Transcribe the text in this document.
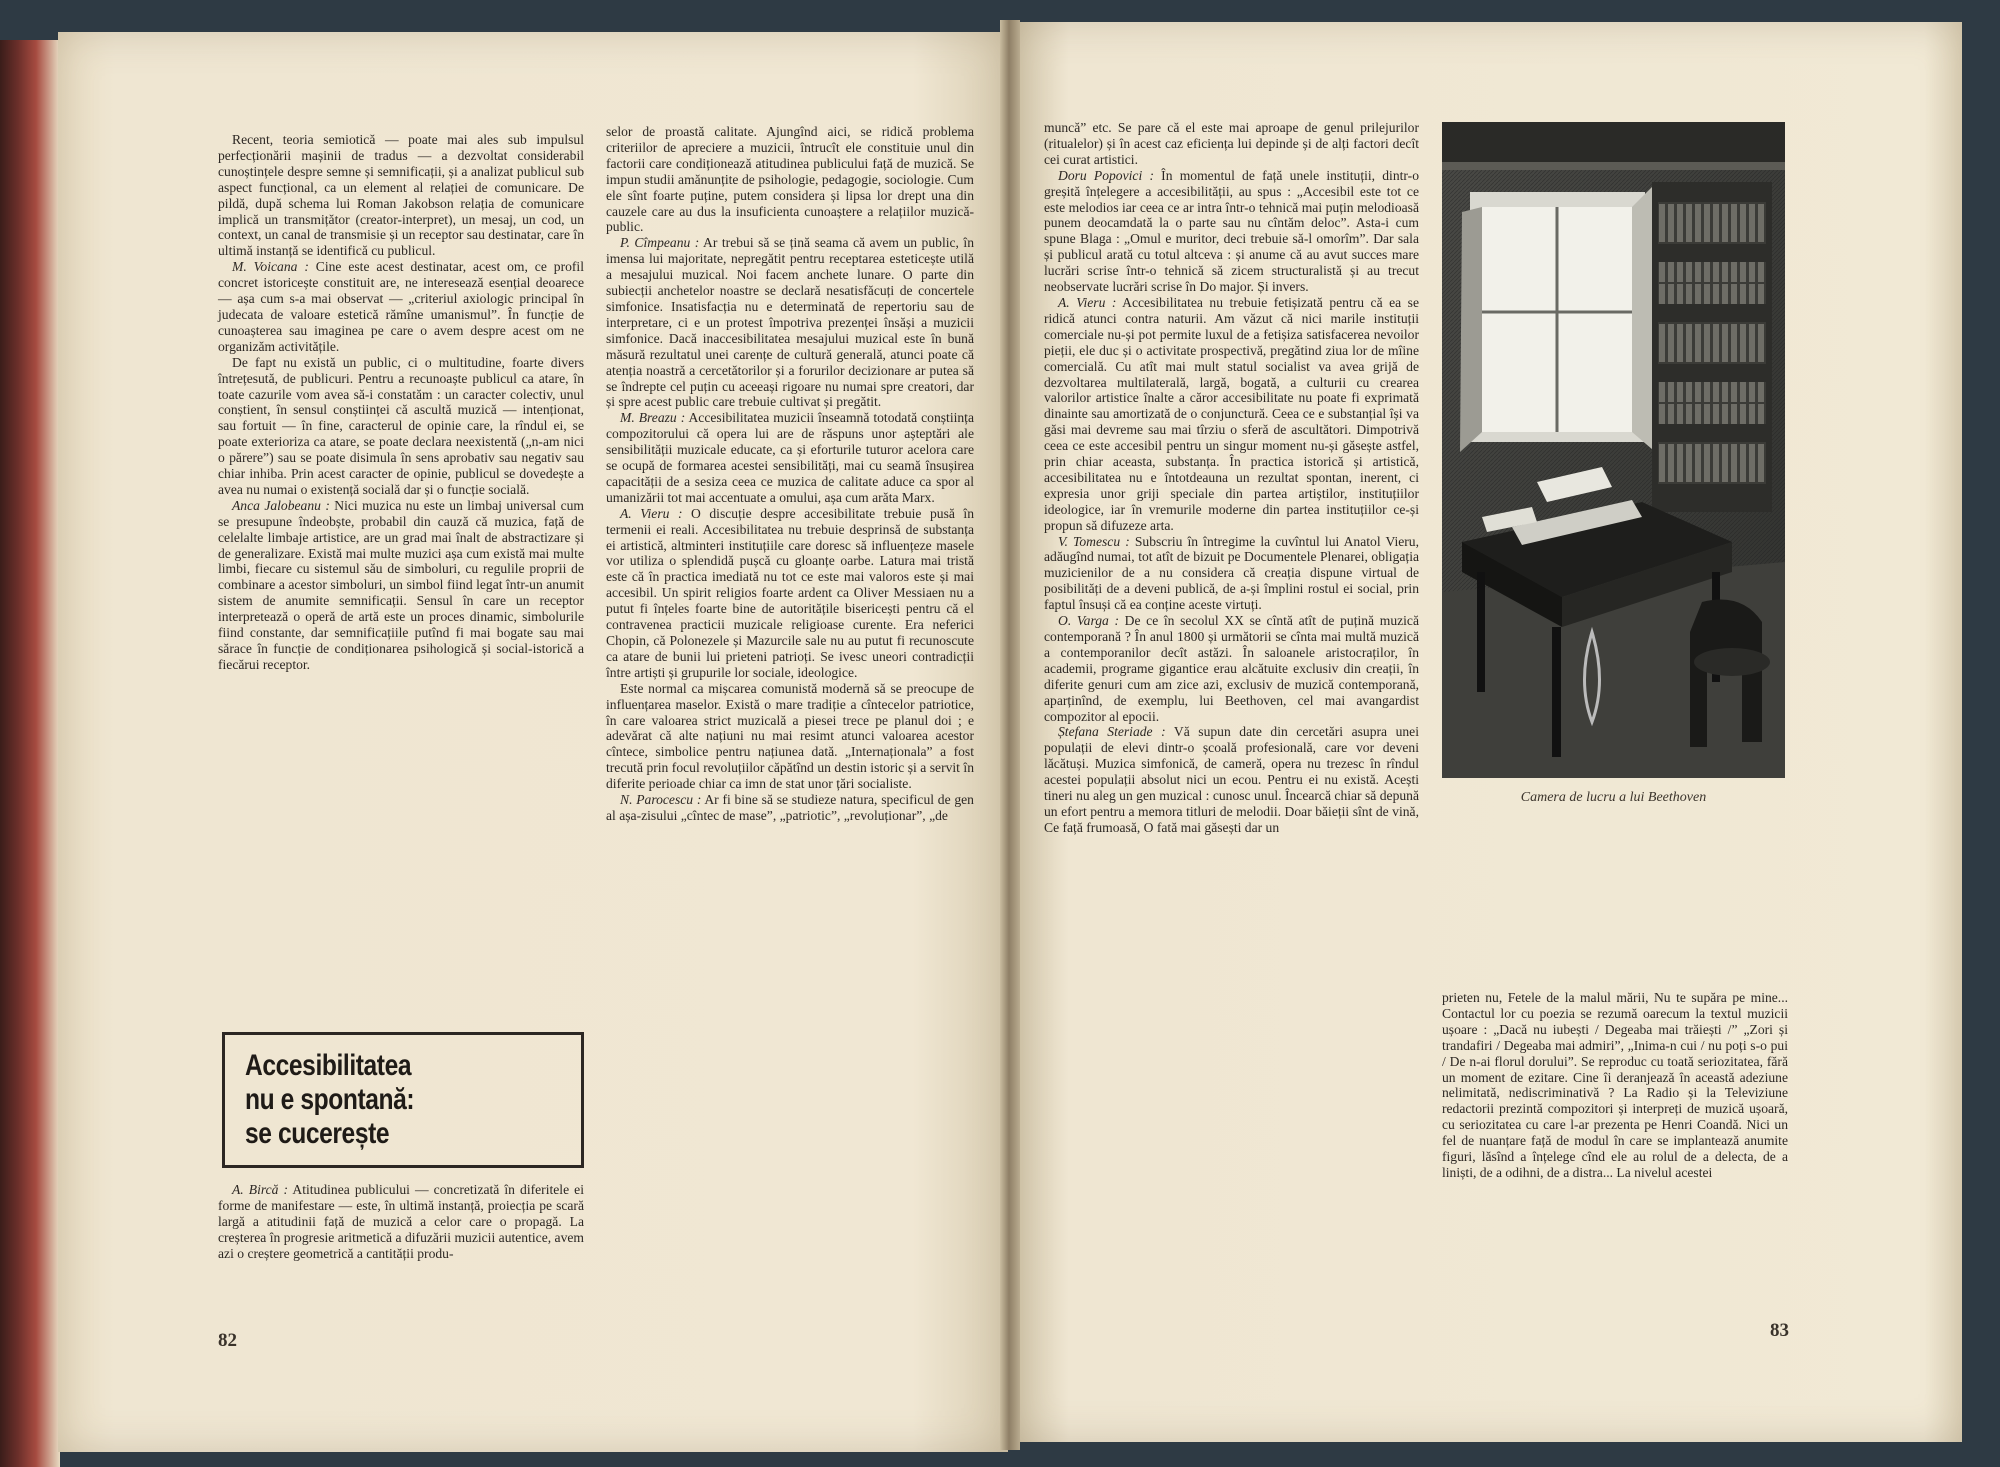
Recent, teoria semiotică — poate mai ales sub impulsul perfecționării mașinii de tradus — a dezvoltat considerabil cunoștințele despre semne și semnificații, și a analizat publicul sub aspect funcțional, ca un element al relației de comunicare. De pildă, după schema lui Roman Jakobson relația de comunicare implică un transmițător (creator-interpret), un mesaj, un cod, un context, un canal de transmisie și un receptor sau destinatar, care în ultimă instanță se identifică cu publicul.

M. Voicana : Cine este acest destinatar, acest om, ce profil concret istoricește constituit are, ne interesează esențial deoarece — așa cum s-a mai observat — „criteriul axiologic principal în judecata de valoare estetică rămîne umanismul”. În funcție de cunoașterea sau imaginea pe care o avem despre acest om ne organizăm activitățile.

De fapt nu există un public, ci o multitudine, foarte divers întrețesută, de publicuri. Pentru a recunoaște publicul ca atare, în toate cazurile vom avea să-i constatăm : un caracter colectiv, unul conștient, în sensul conștiinței că ascultă muzică — intenționat, sau fortuit — în fine, caracterul de opinie care, la rîndul ei, se poate exterioriza ca atare, se poate declara neexistentă („n-am nici o părere”) sau se poate disimula în sens aprobativ sau negativ sau chiar inhiba. Prin acest caracter de opinie, publicul se dovedește a avea nu numai o existență socială dar și o funcție socială.

Anca Jalobeanu : Nici muzica nu este un limbaj universal cum se presupune îndeobște, probabil din cauză că muzica, față de celelalte limbaje artistice, are un grad mai înalt de abstractizare și de generalizare. Există mai multe muzici așa cum există mai multe limbi, fiecare cu sistemul său de simboluri, cu regulile proprii de combinare a acestor simboluri, un simbol fiind legat într-un anumit sistem de anumite semnificații. Sensul în care un receptor interpretează o operă de artă este un proces dinamic, simbolurile fiind constante, dar semnificațiile putînd fi mai bogate sau mai sărace în funcție de condiționarea psihologică și social-istorică a fiecărui receptor.

Accesibilitatea
nu e spontană:
se cucerește

A. Bircă : Atitudinea publicului — concretizată în diferitele ei forme de manifestare — este, în ultimă instanță, proiecția pe scară largă a atitudinii față de muzică a celor care o propagă. La creșterea în progresie aritmetică a difuzării muzicii autentice, avem azi o creștere geometrică a cantității produ-

selor de proastă calitate. Ajungînd aici, se ridică problema criteriilor de apreciere a muzicii, întrucît ele constituie unul din factorii care condiționează atitudinea publicului față de muzică. Se impun studii amănunțite de psihologie, pedagogie, sociologie. Cum ele sînt foarte puține, putem considera și lipsa lor drept una din cauzele care au dus la insuficienta cunoaștere a relațiilor muzică-public.

P. Cîmpeanu : Ar trebui să se țină seama că avem un public, în imensa lui majoritate, nepregătit pentru receptarea esteticește utilă a mesajului muzical. Noi facem anchete lunare. O parte din subiecții anchetelor noastre se declară nesatisfăcuți de concertele simfonice. Insatisfacția nu e determinată de repertoriu sau de interpretare, ci e un protest împotriva prezenței însăși a muzicii simfonice. Dacă inaccesibilitatea mesajului muzical este în bună măsură rezultatul unei carențe de cultură generală, atunci poate că atenția noastră a cercetătorilor și a forurilor decizionare ar putea să se îndrepte cel puțin cu aceeași rigoare nu numai spre creatori, dar și spre acest public care trebuie cultivat și pregătit.

M. Breazu : Accesibilitatea muzicii înseamnă totodată conștiința compozitorului că opera lui are de răspuns unor așteptări ale sensibilității muzicale educate, ca și eforturile tuturor acelora care se ocupă de formarea acestei sensibilități, mai cu seamă însușirea capacității de a sesiza ceea ce muzica de calitate aduce ca spor al umanizării tot mai accentuate a omului, așa cum arăta Marx.

A. Vieru : O discuție despre accesibilitate trebuie pusă în termenii ei reali. Accesibilitatea nu trebuie desprinsă de substanța ei artistică, altminteri instituțiile care doresc să influențeze masele vor utiliza o splendidă pușcă cu gloanțe oarbe. Latura mai tristă este că în practica imediată nu tot ce este mai valoros este și mai accesibil. Un spirit religios foarte ardent ca Oliver Messiaen nu a putut fi înțeles foarte bine de autoritățile bisericești pentru că el contravenea practicii muzicale religioase curente. Era neferici Chopin, că Polonezele și Mazurcile sale nu au putut fi recunoscute ca atare de bunii lui prieteni patrioți. Se ivesc uneori contradicții între artiști și grupurile lor sociale, ideologice.

Este normal ca mișcarea comunistă modernă să se preocupe de influențarea maselor. Există o mare tradiție a cîntecelor patriotice, în care valoarea strict muzicală a piesei trece pe planul doi ; e adevărat că alte națiuni nu mai resimt atunci valoarea acestor cîntece, simbolice pentru națiunea dată. „Internaționala” a fost trecută prin focul revoluțiilor căpătînd un destin istoric și a servit în diferite perioade chiar ca imn de stat unor țări socialiste.

N. Parocescu : Ar fi bine să se studieze natura, specificul de gen al așa-zisului „cîntec de mase”, „patriotic”, „revoluționar”, „de

82

muncă” etc. Se pare că el este mai aproape de genul prilejurilor (ritualelor) și în acest caz eficiența lui depinde și de alți factori decît cei curat artistici.

Doru Popovici : În momentul de față unele instituții, dintr-o greșită înțelegere a accesibilității, au spus : „Accesibil este tot ce este melodios iar ceea ce ar intra într-o tehnică mai puțin melodioasă punem deocamdată la o parte sau nu cîntăm deloc”. Asta-i cum spune Blaga : „Omul e muritor, deci trebuie să-l omorîm”. Dar sala și publicul arată cu totul altceva : și anume că au avut succes mare lucrări scrise într-o tehnică să zicem structuralistă și au trecut neobservate lucrări scrise în Do major. Și invers.

A. Vieru : Accesibilitatea nu trebuie fetișizată pentru că ea se ridică atunci contra naturii. Am văzut că nici marile instituții comerciale nu-și pot permite luxul de a fetișiza satisfacerea nevoilor pieții, ele duc și o activitate prospectivă, pregătind ziua lor de mîine comercială. Cu atît mai mult statul socialist va avea grijă de dezvoltarea multilaterală, largă, bogată, a culturii cu crearea valorilor artistice înalte a căror accesibilitate nu poate fi exprimată dinainte sau amortizată de o conjunctură. Ceea ce e substanțial își va găsi mai devreme sau mai tîrziu o sferă de ascultători. Dimpotrivă ceea ce este accesibil pentru un singur moment nu-și găsește astfel, prin chiar aceasta, substanța. În practica istorică și artistică, accesibilitatea nu e întotdeauna un rezultat spontan, inerent, ci expresia unor griji speciale din partea artiștilor, instituțiilor ideologice, iar în vremurile moderne din partea instituțiilor ce-și propun să difuzeze arta.

V. Tomescu : Subscriu în întregime la cuvîntul lui Anatol Vieru, adăugînd numai, tot atît de bizuit pe Documentele Plenarei, obligația muzicienilor de a nu considera că creația dispune virtual de posibilități de a deveni publică, de a-și împlini rostul ei social, prin faptul însuși că ea conține aceste virtuți.

O. Varga : De ce în secolul XX se cîntă atît de puțină muzică contemporană ? În anul 1800 și următorii se cînta mai multă muzică a contemporanilor decît astăzi. În saloanele aristocraților, în academii, programe gigantice erau alcătuite exclusiv din creații, în diferite genuri cum am zice azi, exclusiv de muzică contemporană, aparținînd, de exemplu, lui Beethoven, cel mai avangardist compozitor al epocii.

Ștefana Steriade : Vă supun date din cercetări asupra unei populații de elevi dintr-o școală profesională, care vor deveni lăcătuși. Muzica simfonică, de cameră, opera nu trezesc în rîndul acestei populații absolut nici un ecou. Pentru ei nu există. Acești tineri nu aleg un gen muzical : cunosc unul. Încearcă chiar să depună un efort pentru a memora titluri de melodii. Doar băieții sînt de vină, Ce față frumoasă, O fată mai găsești dar un

Camera de lucru a lui Beethoven

prieten nu, Fetele de la malul mării, Nu te supăra pe mine... Contactul lor cu poezia se rezumă oarecum la textul muzicii ușoare : „Dacă nu iubești / Degeaba mai trăiești /” „Zori și trandafiri / Degeaba mai admiri”, „Inima-n cui / nu poți s-o pui / De n-ai florul dorului”. Se reproduc cu toată seriozitatea, fără un moment de ezitare. Cine îi deranjează în această adeziune nelimitată, nediscriminativă ? La Radio și la Televiziune redactorii prezintă compozitori și interpreți de muzică ușoară, cu seriozitatea cu care l-ar prezenta pe Henri Coandă. Nici un fel de nuanțare față de modul în care se implantează anumite figuri, lăsînd a înțelege cînd ele au rolul de a delecta, de a liniști, de a odihni, de a distra... La nivelul acestei

83
